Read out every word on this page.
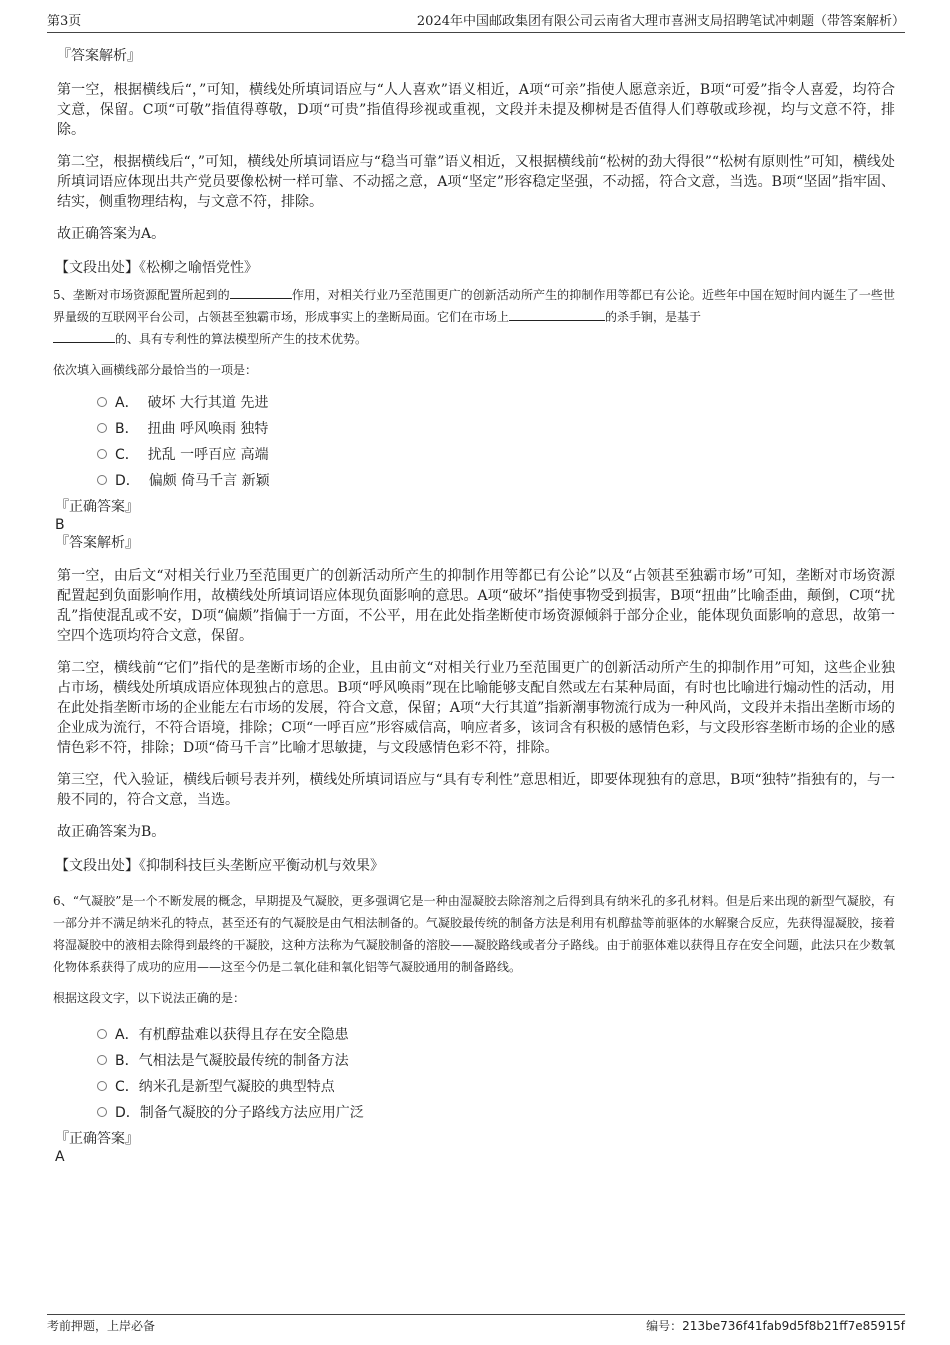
第3页	2024年中国邮政集团有限公司云南省大理市喜洲支局招聘笔试冲刺题（带答案解析）

『答案解析』

第一空，根据横线后“，”可知，横线处所填词语应与“人人喜欢”语义相近，A项“可亲”指使人愿意亲近，B项“可爱”指令人喜爱，均符合文意，保留。C项“可敬”指值得尊敬，D项“可贵”指值得珍视或重视，文段并未提及柳树是否值得人们尊敬或珍视，均与文意不符，排除。

第二空，根据横线后“，”可知，横线处所填词语应与“稳当可靠”语义相近，又根据横线前“松树的劲大得很”“松树有原则性”可知，横线处所填词语应体现出共产党员要像松树一样可靠、不动摇之意，A项“坚定”形容稳定坚强，不动摇，符合文意，当选。B项“坚固”指牢固、结实，侧重物理结构，与文意不符，排除。

故正确答案为A。

【文段出处】《松柳之喻悟党性》

5、垄断对市场资源配置所起到的	作用，对相关行业乃至范围更广的创新活动所产生的抑制作用等都已有公论。近些年中国在短时间内诞生了一些世界量级的互联网平台公司，占领甚至独霸市场，形成事实上的垄断局面。它们在市场上	的杀手锏，是基于
的、具有专利性的算法模型所产生的技术优势。

依次填入画横线部分最恰当的一项是：

A． 破坏 大行其道 先进
B． 扭曲 呼风唤雨 独特
C． 扰乱 一呼百应 高端
D． 偏颇 倚马千言 新颖

『正确答案』

B

『答案解析』

第一空，由后文“对相关行业乃至范围更广的创新活动所产生的抑制作用等都已有公论”以及“占领甚至独霸市场”可知，垄断对市场资源配置起到负面影响作用，故横线处所填词语应体现负面影响的意思。A项“破坏”指使事物受到损害，B项“扭曲”比喻歪曲，颠倒，C项“扰乱”指使混乱或不安，D项“偏颇”指偏于一方面，不公平，用在此处指垄断使市场资源倾斜于部分企业，能体现负面影响的意思，故第一空四个选项均符合文意，保留。

第二空，横线前“它们”指代的是垄断市场的企业，且由前文“对相关行业乃至范围更广的创新活动所产生的抑制作用”可知，这些企业独占市场，横线处所填成语应体现独占的意思。B项“呼风唤雨”现在比喻能够支配自然或左右某种局面，有时也比喻进行煽动性的活动，用在此处指垄断市场的企业能左右市场的发展，符合文意，保留；A项“大行其道”指新潮事物流行成为一种风尚，文段并未指出垄断市场的企业成为流行，不符合语境，排除；C项“一呼百应”形容威信高，响应者多，该词含有积极的感情色彩，与文段形容垄断市场的企业的感情色彩不符，排除；D项“倚马千言”比喻才思敏捷，与文段感情色彩不符，排除。

第三空，代入验证，横线后顿号表并列，横线处所填词语应与“具有专利性”意思相近，即要体现独有的意思，B项“独特”指独有的，与一般不同的，符合文意，当选。

故正确答案为B。

【文段出处】《抑制科技巨头垄断应平衡动机与效果》

6、“气凝胶”是一个不断发展的概念，早期提及气凝胶，更多强调它是一种由湿凝胶去除溶剂之后得到具有纳米孔的多孔材料。但是后来出现的新型气凝胶，有一部分并不满足纳米孔的特点，甚至还有的气凝胶是由气相法制备的。气凝胶最传统的制备方法是利用有机醇盐等前驱体的水解聚合反应，先获得湿凝胶，接着将湿凝胶中的液相去除得到最终的干凝胶，这种方法称为气凝胶制备的溶胶——凝胶路线或者分子路线。由于前驱体难以获得且存在安全问题，此法只在少数氧化物体系获得了成功的应用——这至今仍是二氧化硅和氧化铝等气凝胶通用的制备路线。

根据这段文字，以下说法正确的是：

A．有机醇盐难以获得且存在安全隐患
B．气相法是气凝胶最传统的制备方法
C．纳米孔是新型气凝胶的典型特点
D．制备气凝胶的分子路线方法应用广泛

『正确答案』

A

考前押题，上岸必备	编号：213be736f41fab9d5f8b21ff7e85915f
